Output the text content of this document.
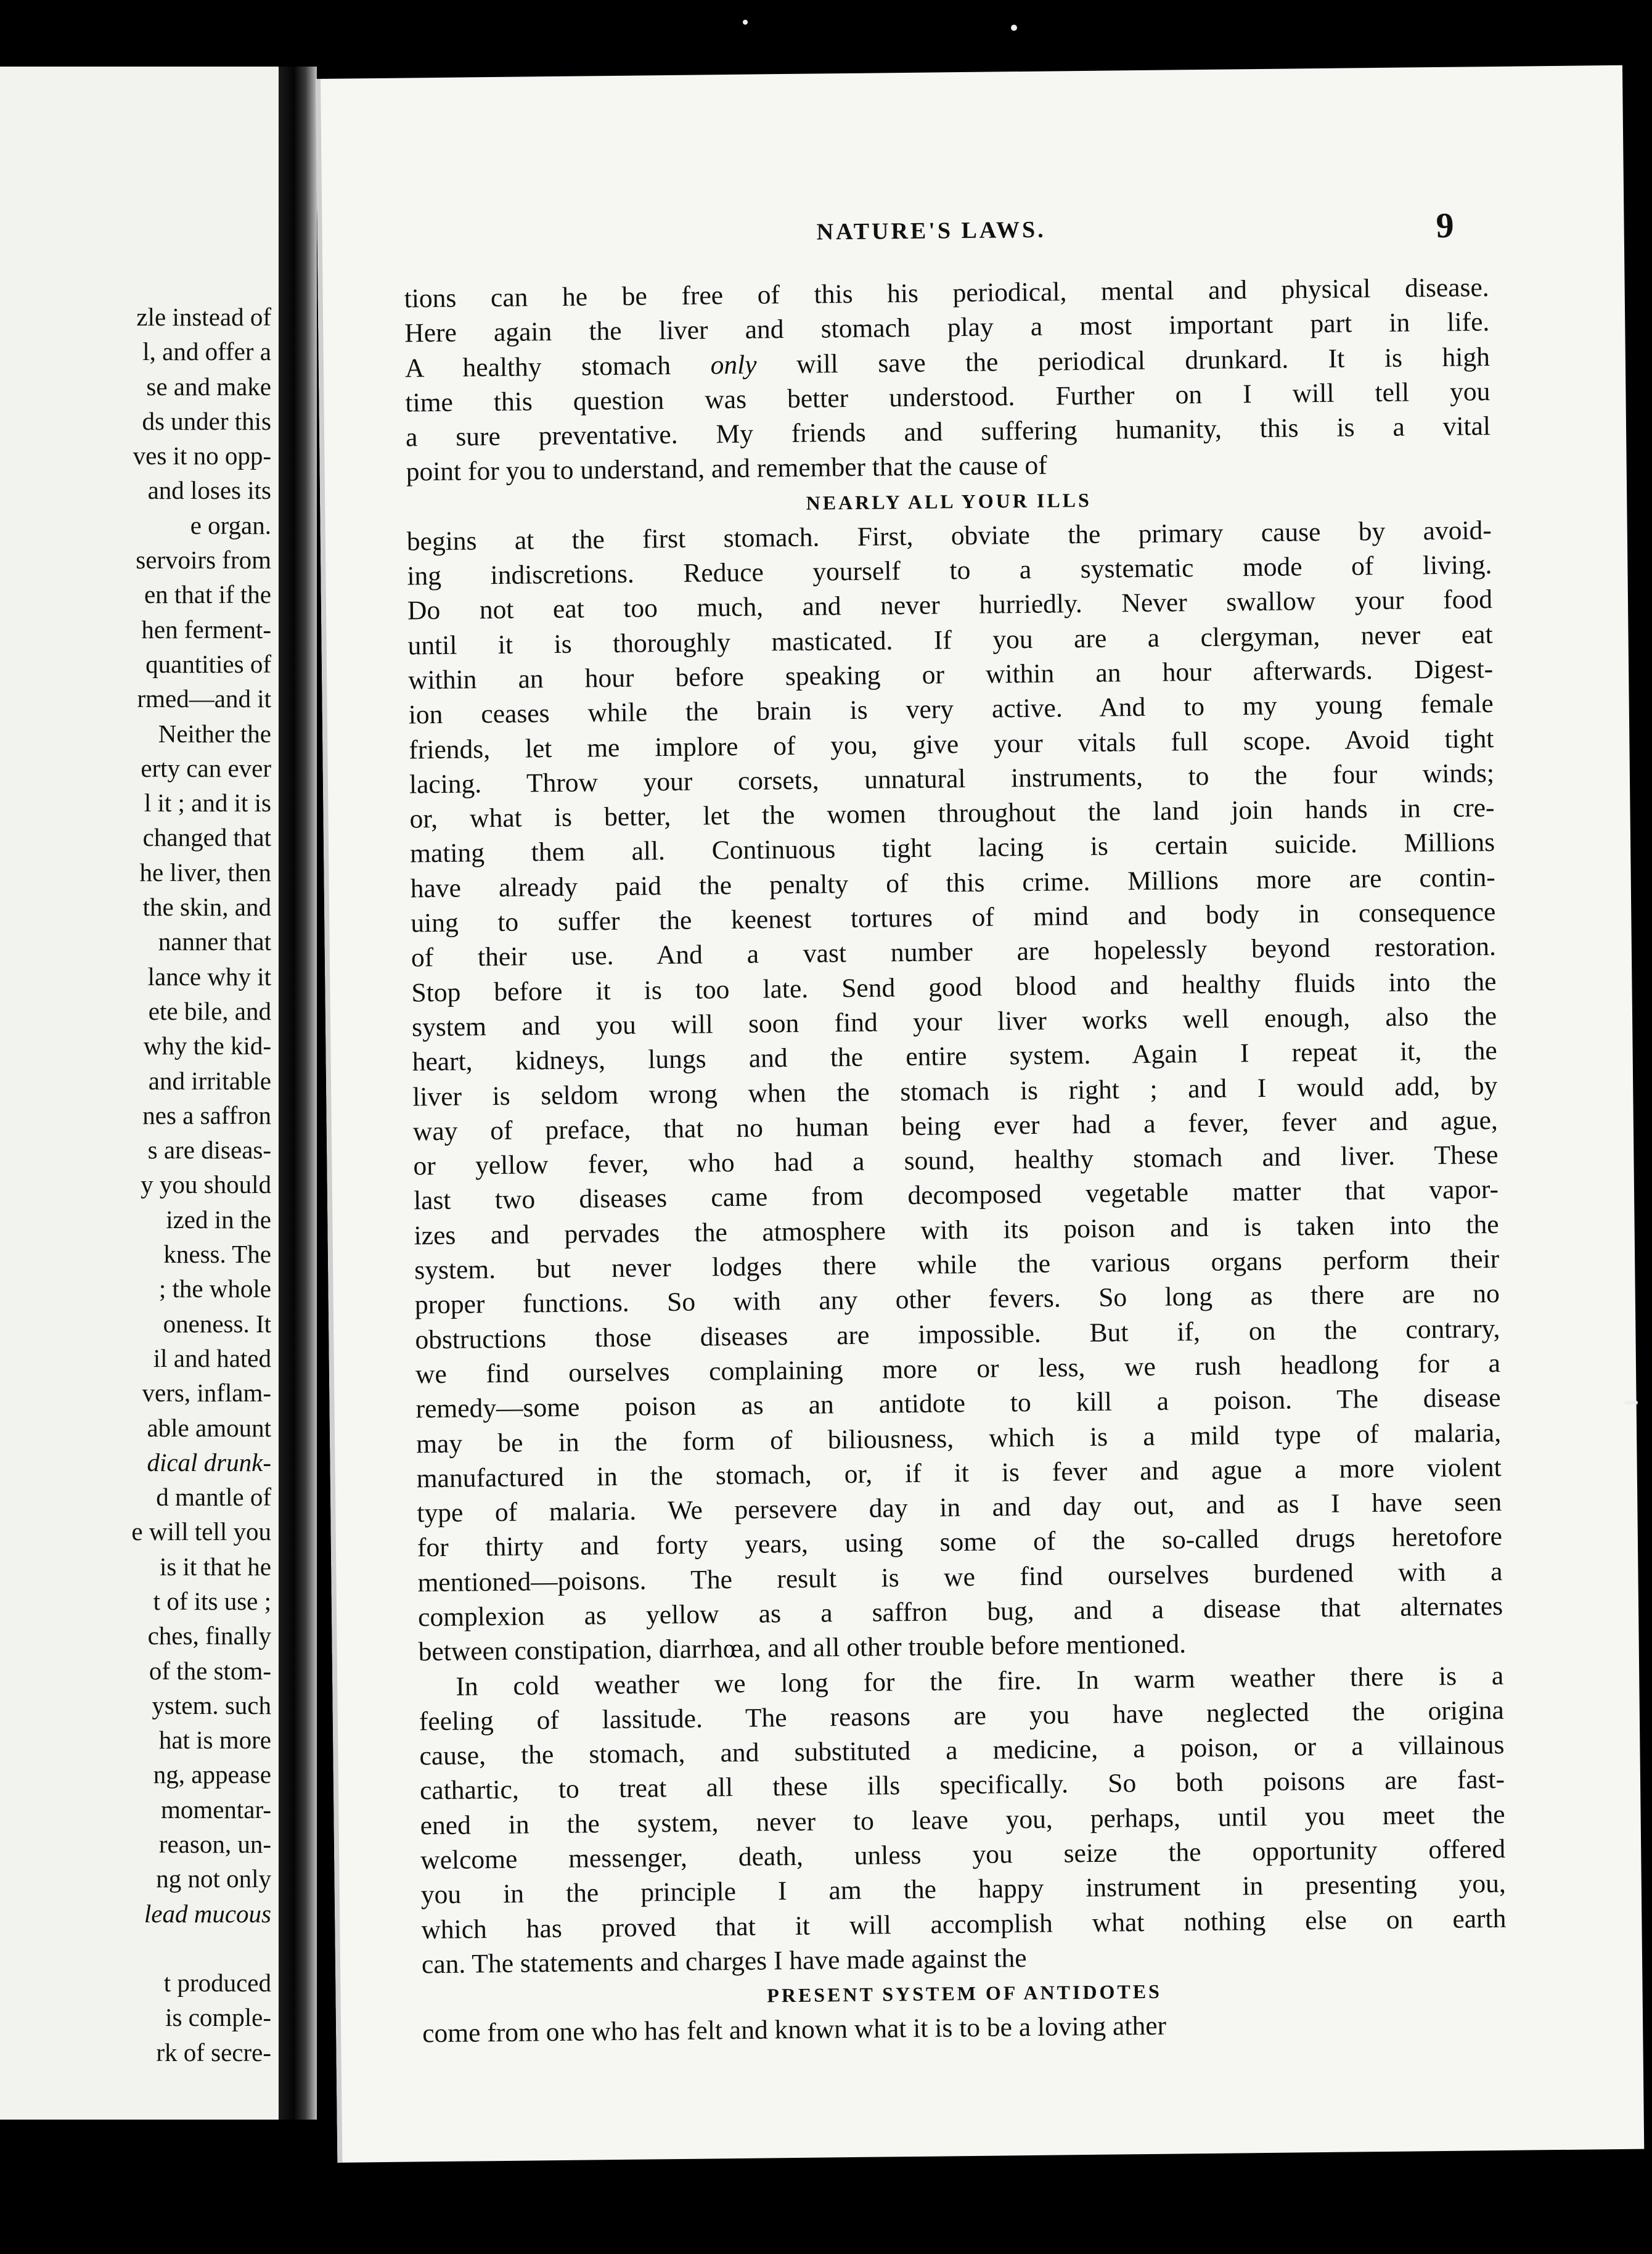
zle instead of
l, and offer a
se and make
ds under this
ves it no opp-
and loses its
e organ.
servoirs from
en that if the
hen ferment-
quantities of
rmed—and it
Neither the
erty can ever
l it ; and it is
changed that
he liver, then
the skin, and
nanner that
lance why it
ete bile, and
why the kid-
and irritable
nes a saffron
s are diseas-
y you should
ized in the
kness. The
; the whole
oneness. It
il and hated
vers, inflam-
able amount
dical drunk-
d mantle of
e will tell you
is it that he
t of its use ;
ches, finally
of the stom-
ystem. such
hat is more
ng, appease
momentar-
reason, un-
ng not only
lead mucous
t produced
is comple-
rk of secre-
NATURE'S LAWS.	9
tions can he be free of this his periodical, mental and physical disease.
Here again the liver and stomach play a most important part in life.
A healthy stomach only will save the periodical drunkard. It is high
time this question was better understood. Further on I will tell you
a sure preventative. My friends and suffering humanity, this is a vital
point for you to understand, and remember that the cause of
NEARLY ALL YOUR ILLS
begins at the first stomach. First, obviate the primary cause by avoid-
ing indiscretions. Reduce yourself to a systematic mode of living.
Do not eat too much, and never hurriedly. Never swallow your food
until it is thoroughly masticated. If you are a clergyman, never eat
within an hour before speaking or within an hour afterwards. Digest-
ion ceases while the brain is very active. And to my young female
friends, let me implore of you, give your vitals full scope. Avoid tight
lacing. Throw your corsets, unnatural instruments, to the four winds;
or, what is better, let the women throughout the land join hands in cre-
mating them all. Continuous tight lacing is certain suicide. Millions
have already paid the penalty of this crime. Millions more are contin-
uing to suffer the keenest tortures of mind and body in consequence
of their use. And a vast number are hopelessly beyond restoration.
Stop before it is too late. Send good blood and healthy fluids into the
system and you will soon find your liver works well enough, also the
heart, kidneys, lungs and the entire system. Again I repeat it, the
liver is seldom wrong when the stomach is right ; and I would add, by
way of preface, that no human being ever had a fever, fever and ague,
or yellow fever, who had a sound, healthy stomach and liver. These
last two diseases came from decomposed vegetable matter that vapor-
izes and pervades the atmosphere with its poison and is taken into the
system. but never lodges there while the various organs perform their
proper functions. So with any other fevers. So long as there are no
obstructions those diseases are impossible. But if, on the contrary,
we find ourselves complaining more or less, we rush headlong for a
remedy—some poison as an antidote to kill a poison. The disease
may be in the form of biliousness, which is a mild type of malaria,
manufactured in the stomach, or, if it is fever and ague a more violent
type of malaria. We persevere day in and day out, and as I have seen
for thirty and forty years, using some of the so-called drugs heretofore
mentioned—poisons. The result is we find ourselves burdened with a
complexion as yellow as a saffron bug, and a disease that alternates
between constipation, diarrhœa, and all other trouble before mentioned.
In cold weather we long for the fire. In warm weather there is a
feeling of lassitude. The reasons are you have neglected the origina
cause, the stomach, and substituted a medicine, a poison, or a villainous
cathartic, to treat all these ills specifically. So both poisons are fast-
ened in the system, never to leave you, perhaps, until you meet the
welcome messenger, death, unless you seize the opportunity offered
you in the principle I am the happy instrument in presenting you,
which has proved that it will accomplish what nothing else on earth
can. The statements and charges I have made against the
PRESENT SYSTEM OF ANTIDOTES
come from one who has felt and known what it is to be a loving ather
